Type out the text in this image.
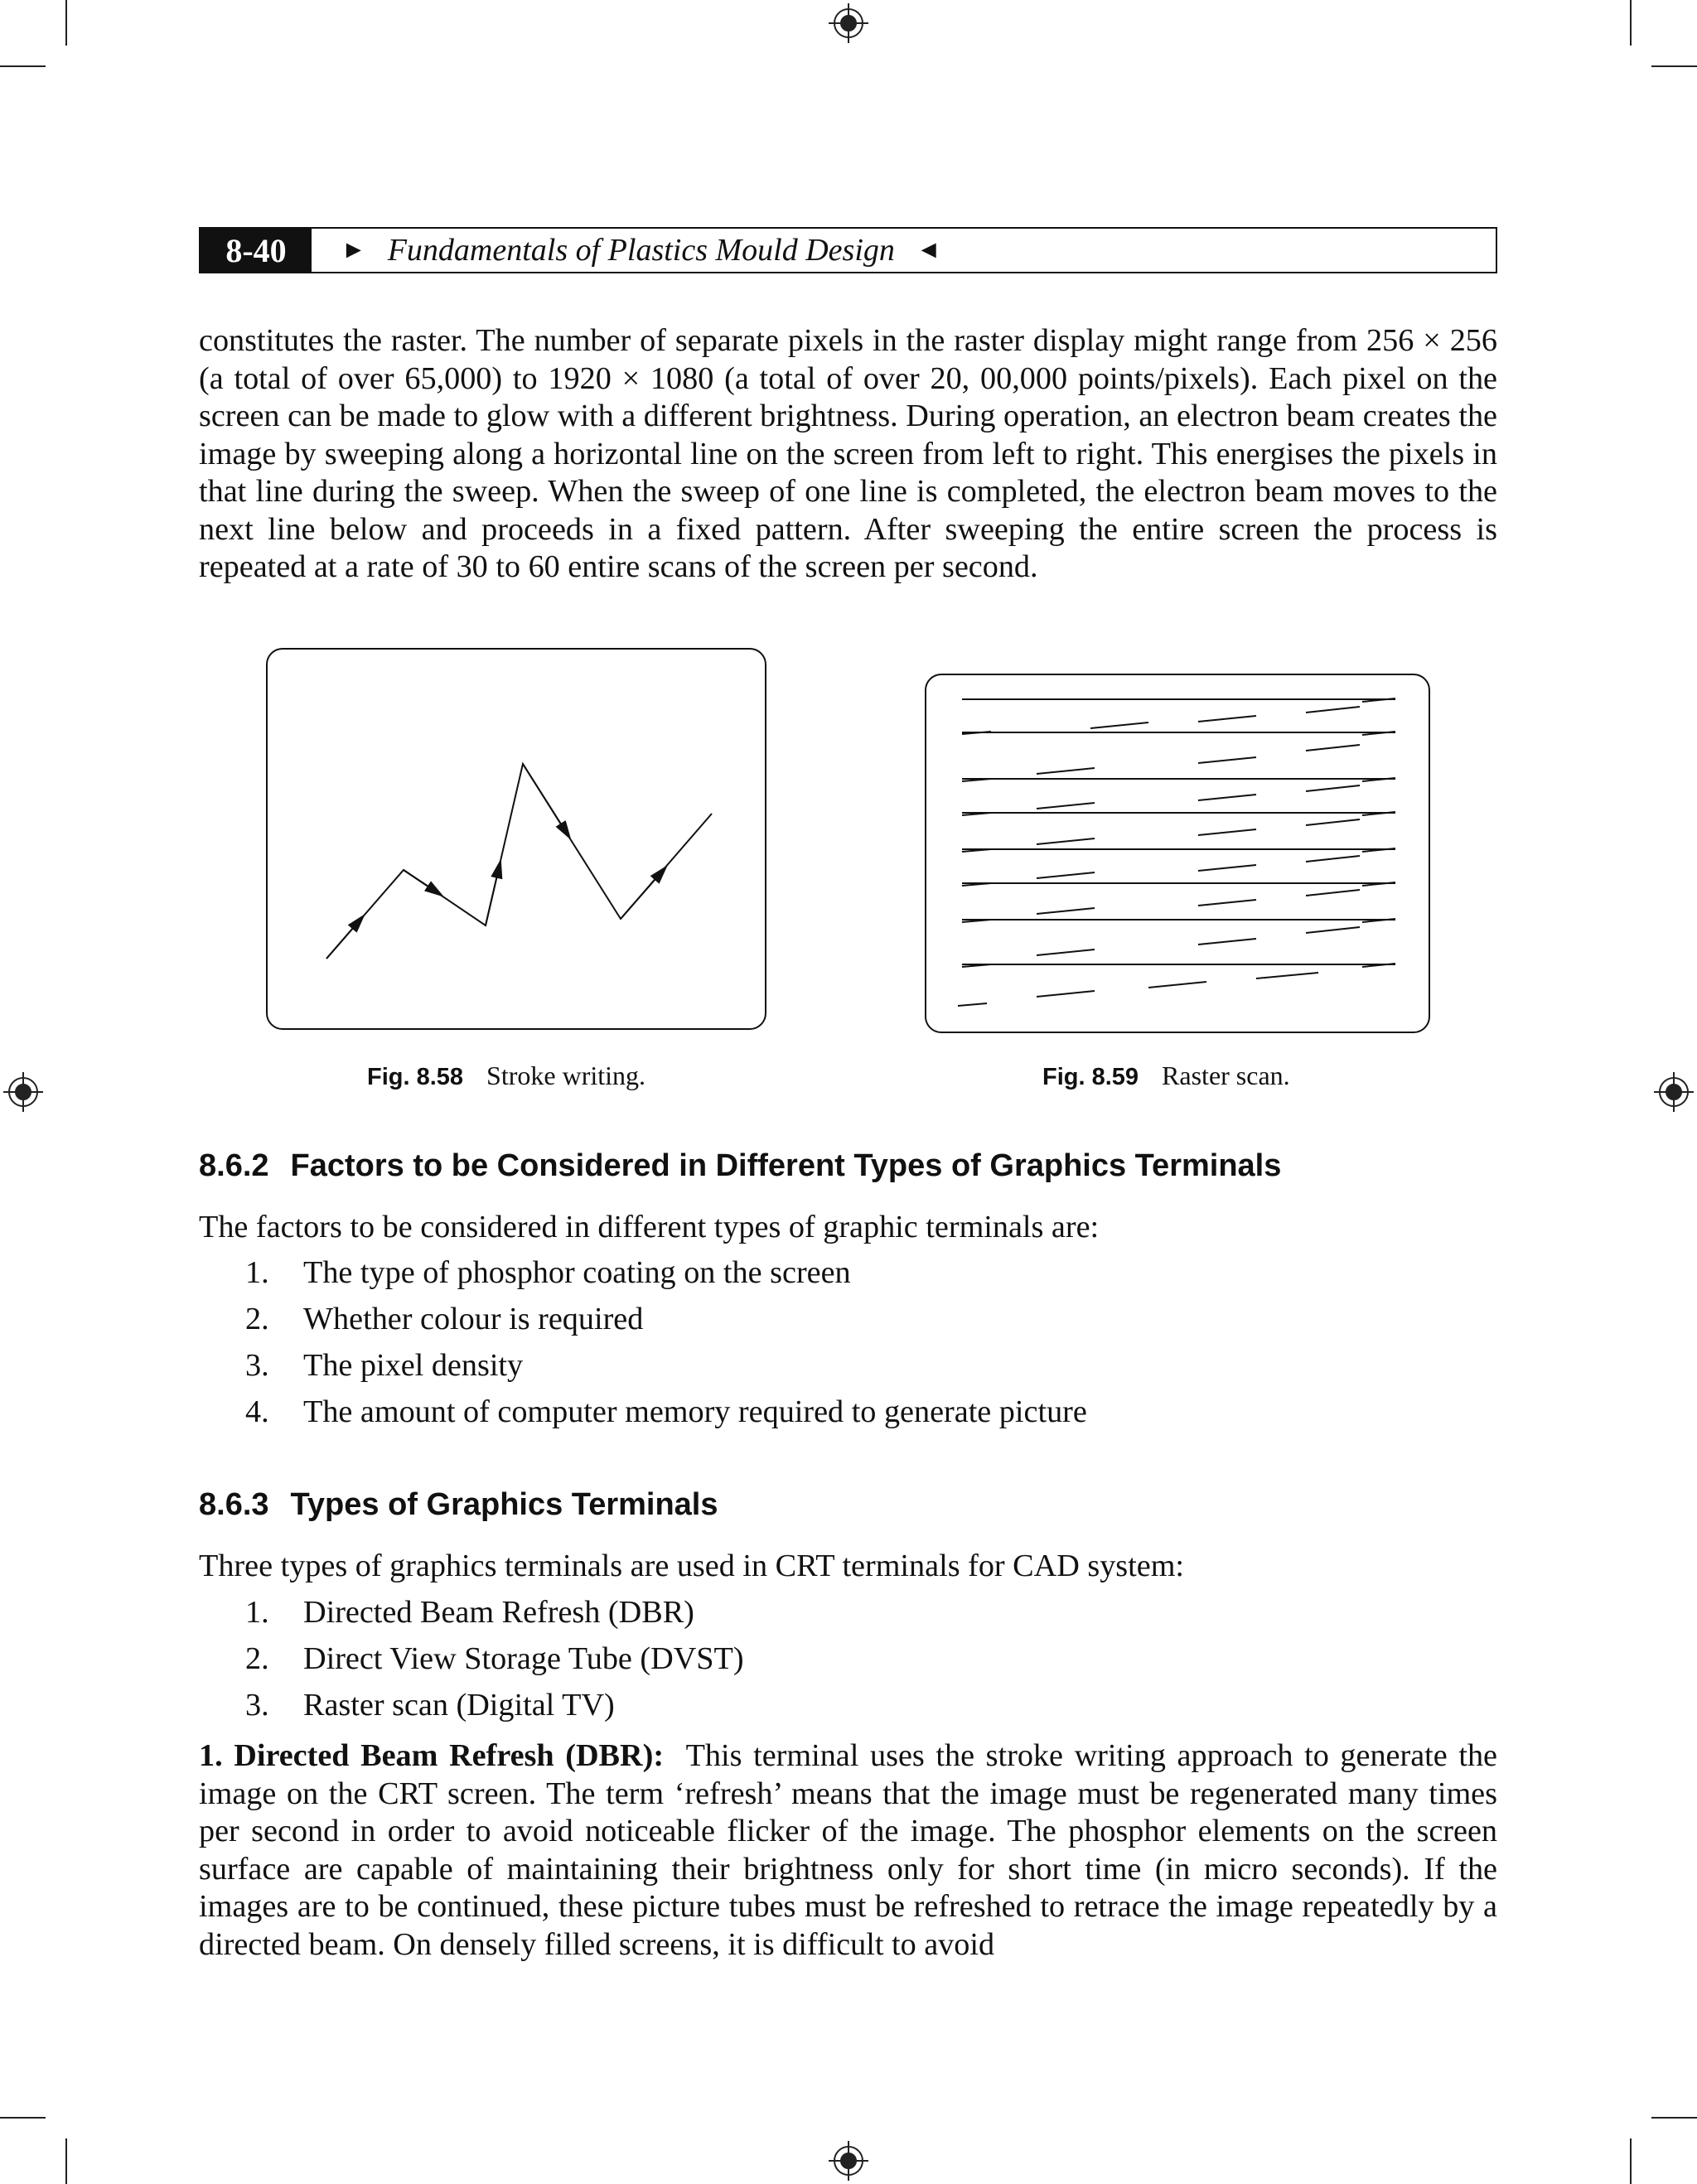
8-40	► Fundamentals of Plastics Mould Design ◄

constitutes the raster. The number of separate pixels in the raster display might range from 256 × 256 (a total of over 65,000) to 1920 × 1080 (a total of over 20, 00,000 points/pixels). Each pixel on the screen can be made to glow with a different brightness. During operation, an electron beam creates the image by sweeping along a horizontal line on the screen from left to right. This energises the pixels in that line during the sweep. When the sweep of one line is completed, the electron beam moves to the next line below and proceeds in a fixed pattern. After sweeping the entire screen the process is repeated at a rate of 30 to 60 entire scans of the screen per second.

Fig. 8.58 Stroke writing.	Fig. 8.59 Raster scan.
8.6.2 Factors to be Considered in Different Types of Graphics Terminals

The factors to be considered in different types of graphic terminals are:

1.	The type of phosphor coating on the screen
2.	Whether colour is required
3.	The pixel density
4.	The amount of computer memory required to generate picture
8.6.3 Types of Graphics Terminals

Three types of graphics terminals are used in CRT terminals for CAD system:

1.	Directed Beam Refresh (DBR)
2.	Direct View Storage Tube (DVST)
3.	Raster scan (Digital TV)

1. Directed Beam Refresh (DBR): This terminal uses the stroke writing approach to generate the image on the CRT screen. The term ‘refresh’ means that the image must be regenerated many times per second in order to avoid noticeable flicker of the image. The phosphor elements on the screen surface are capable of maintaining their brightness only for short time (in micro seconds). If the images are to be continued, these picture tubes must be refreshed to retrace the image repeatedly by a directed beam. On densely filled screens, it is difficult to avoid
